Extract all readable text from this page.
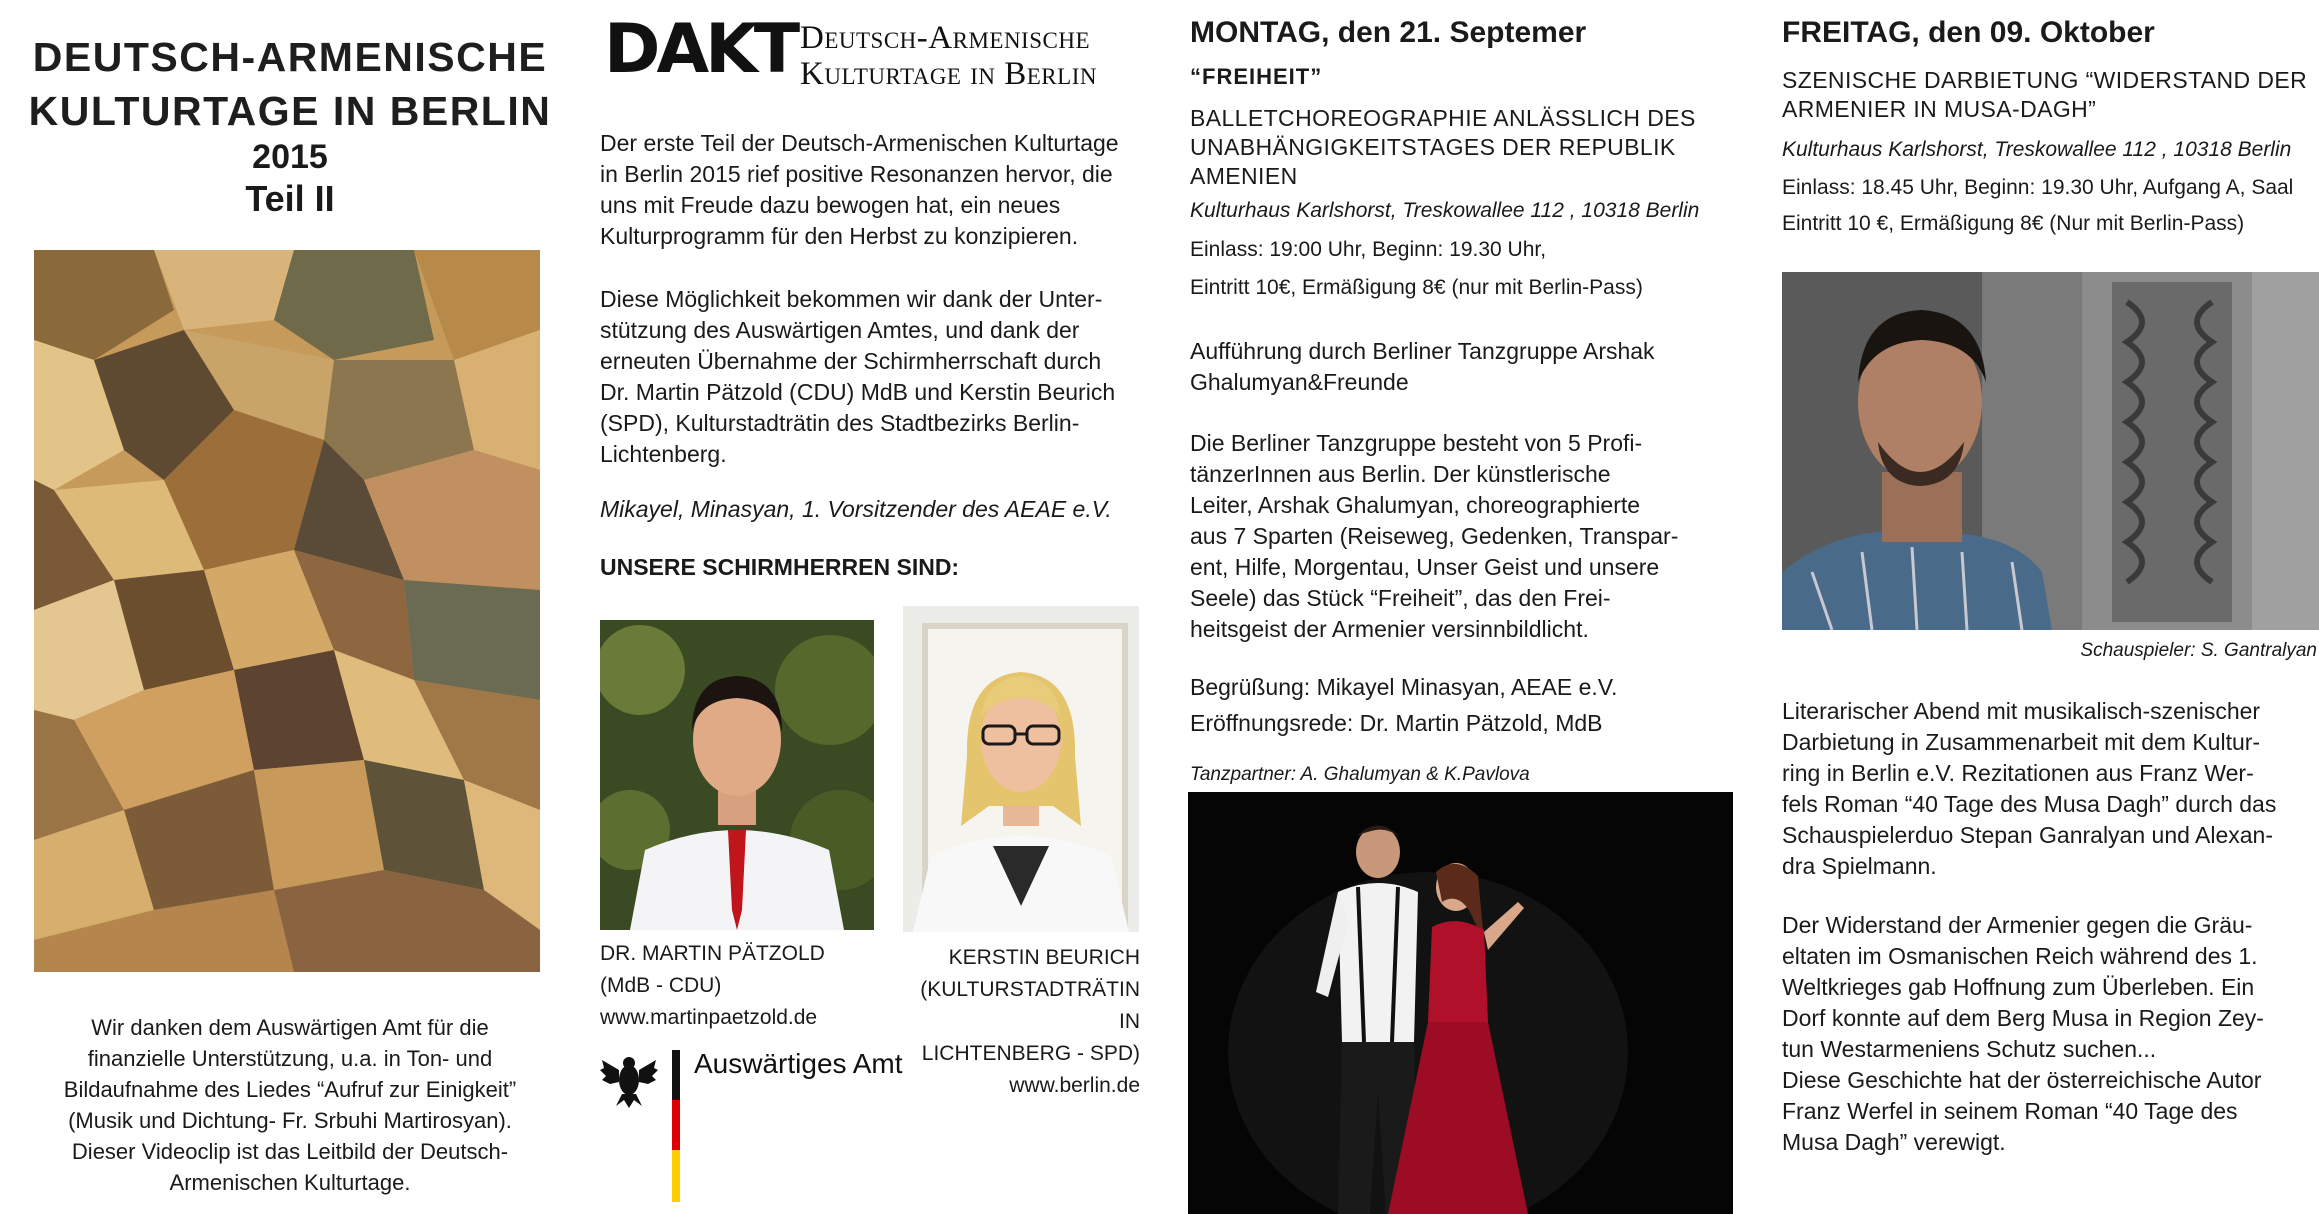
DEUTSCH-ARMENISCHE
KULTURTAGE IN BERLIN
2015
Teil II
Wir danken dem Auswärtigen Amt für die
finanzielle Unterstützung, u.a. in Ton- und
Bildaufnahme des Liedes “Aufruf zur Einigkeit”
(Musik und Dichtung- Fr. Srbuhi Martirosyan).
Dieser Videoclip ist das Leitbild der Deutsch-
Armenischen Kulturtage.
DAKT Deutsch-Armenische
Kulturtage in Berlin
Der erste Teil der Deutsch-Armenischen Kulturtage
in Berlin 2015 rief positive Resonanzen hervor, die
uns mit Freude dazu bewogen hat, ein neues
Kulturprogramm für den Herbst zu konzipieren.
Diese Möglichkeit bekommen wir dank der Unter-
stützung des Auswärtigen Amtes, und dank der
erneuten Übernahme der Schirmherrschaft durch
Dr. Martin Pätzold (CDU) MdB und Kerstin Beurich
(SPD), Kulturstadträtin des Stadtbezirks Berlin-
Lichtenberg.
Mikayel, Minasyan, 1. Vorsitzender des AEAE e.V.
UNSERE SCHIRMHERREN SIND:
DR. MARTIN PÄTZOLD
(MdB - CDU)
www.martinpaetzold.de
KERSTIN BEURICH
(KULTURSTADTRÄTIN IN
LICHTENBERG - SPD)
www.berlin.de
Auswärtiges Amt
MONTAG, den 21. Septemer
“FREIHEIT”
BALLETCHOREOGRAPHIE ANLÄSSLICH DES
UNABHÄNGIGKEITSTAGES DER REPUBLIK
AMENIEN
Kulturhaus Karlshorst, Treskowallee 112 , 10318 Berlin
Einlass: 19:00 Uhr, Beginn: 19.30 Uhr,
Eintritt 10€, Ermäßigung 8€ (nur mit Berlin-Pass)
Aufführung durch Berliner Tanzgruppe Arshak
Ghalumyan&Freunde
Die Berliner Tanzgruppe besteht von 5 Profi-
tänzerInnen aus Berlin. Der künstlerische
Leiter, Arshak Ghalumyan, choreographierte
aus 7 Sparten (Reiseweg, Gedenken, Transpar-
ent, Hilfe, Morgentau, Unser Geist und unsere
Seele) das Stück “Freiheit”, das den Frei-
heitsgeist der Armenier versinnbildlicht.
Begrüßung: Mikayel Minasyan, AEAE e.V.
Eröffnungsrede: Dr. Martin Pätzold, MdB
Tanzpartner: A. Ghalumyan & K.Pavlova
FREITAG, den 09. Oktober
SZENISCHE DARBIETUNG “WIDERSTAND DER
ARMENIER IN MUSA-DAGH”
Kulturhaus Karlshorst, Treskowallee 112 , 10318 Berlin
Einlass: 18.45 Uhr, Beginn: 19.30 Uhr, Aufgang A, Saal
Eintritt 10 €, Ermäßigung 8€ (Nur mit Berlin-Pass)
Schauspieler: S. Gantralyan
Literarischer Abend mit musikalisch-szenischer
Darbietung in Zusammenarbeit mit dem Kultur-
ring in Berlin e.V. Rezitationen aus Franz Wer-
fels Roman “40 Tage des Musa Dagh” durch das
Schauspielerduo Stepan Ganralyan und Alexan-
dra Spielmann.
Der Widerstand der Armenier gegen die Gräu-
eltaten im Osmanischen Reich während des 1.
Weltkrieges gab Hoffnung zum Überleben. Ein
Dorf konnte auf dem Berg Musa in Region Zey-
tun Westarmeniens Schutz suchen...
Diese Geschichte hat der österreichische Autor
Franz Werfel in seinem Roman “40 Tage des
Musa Dagh” verewigt.
